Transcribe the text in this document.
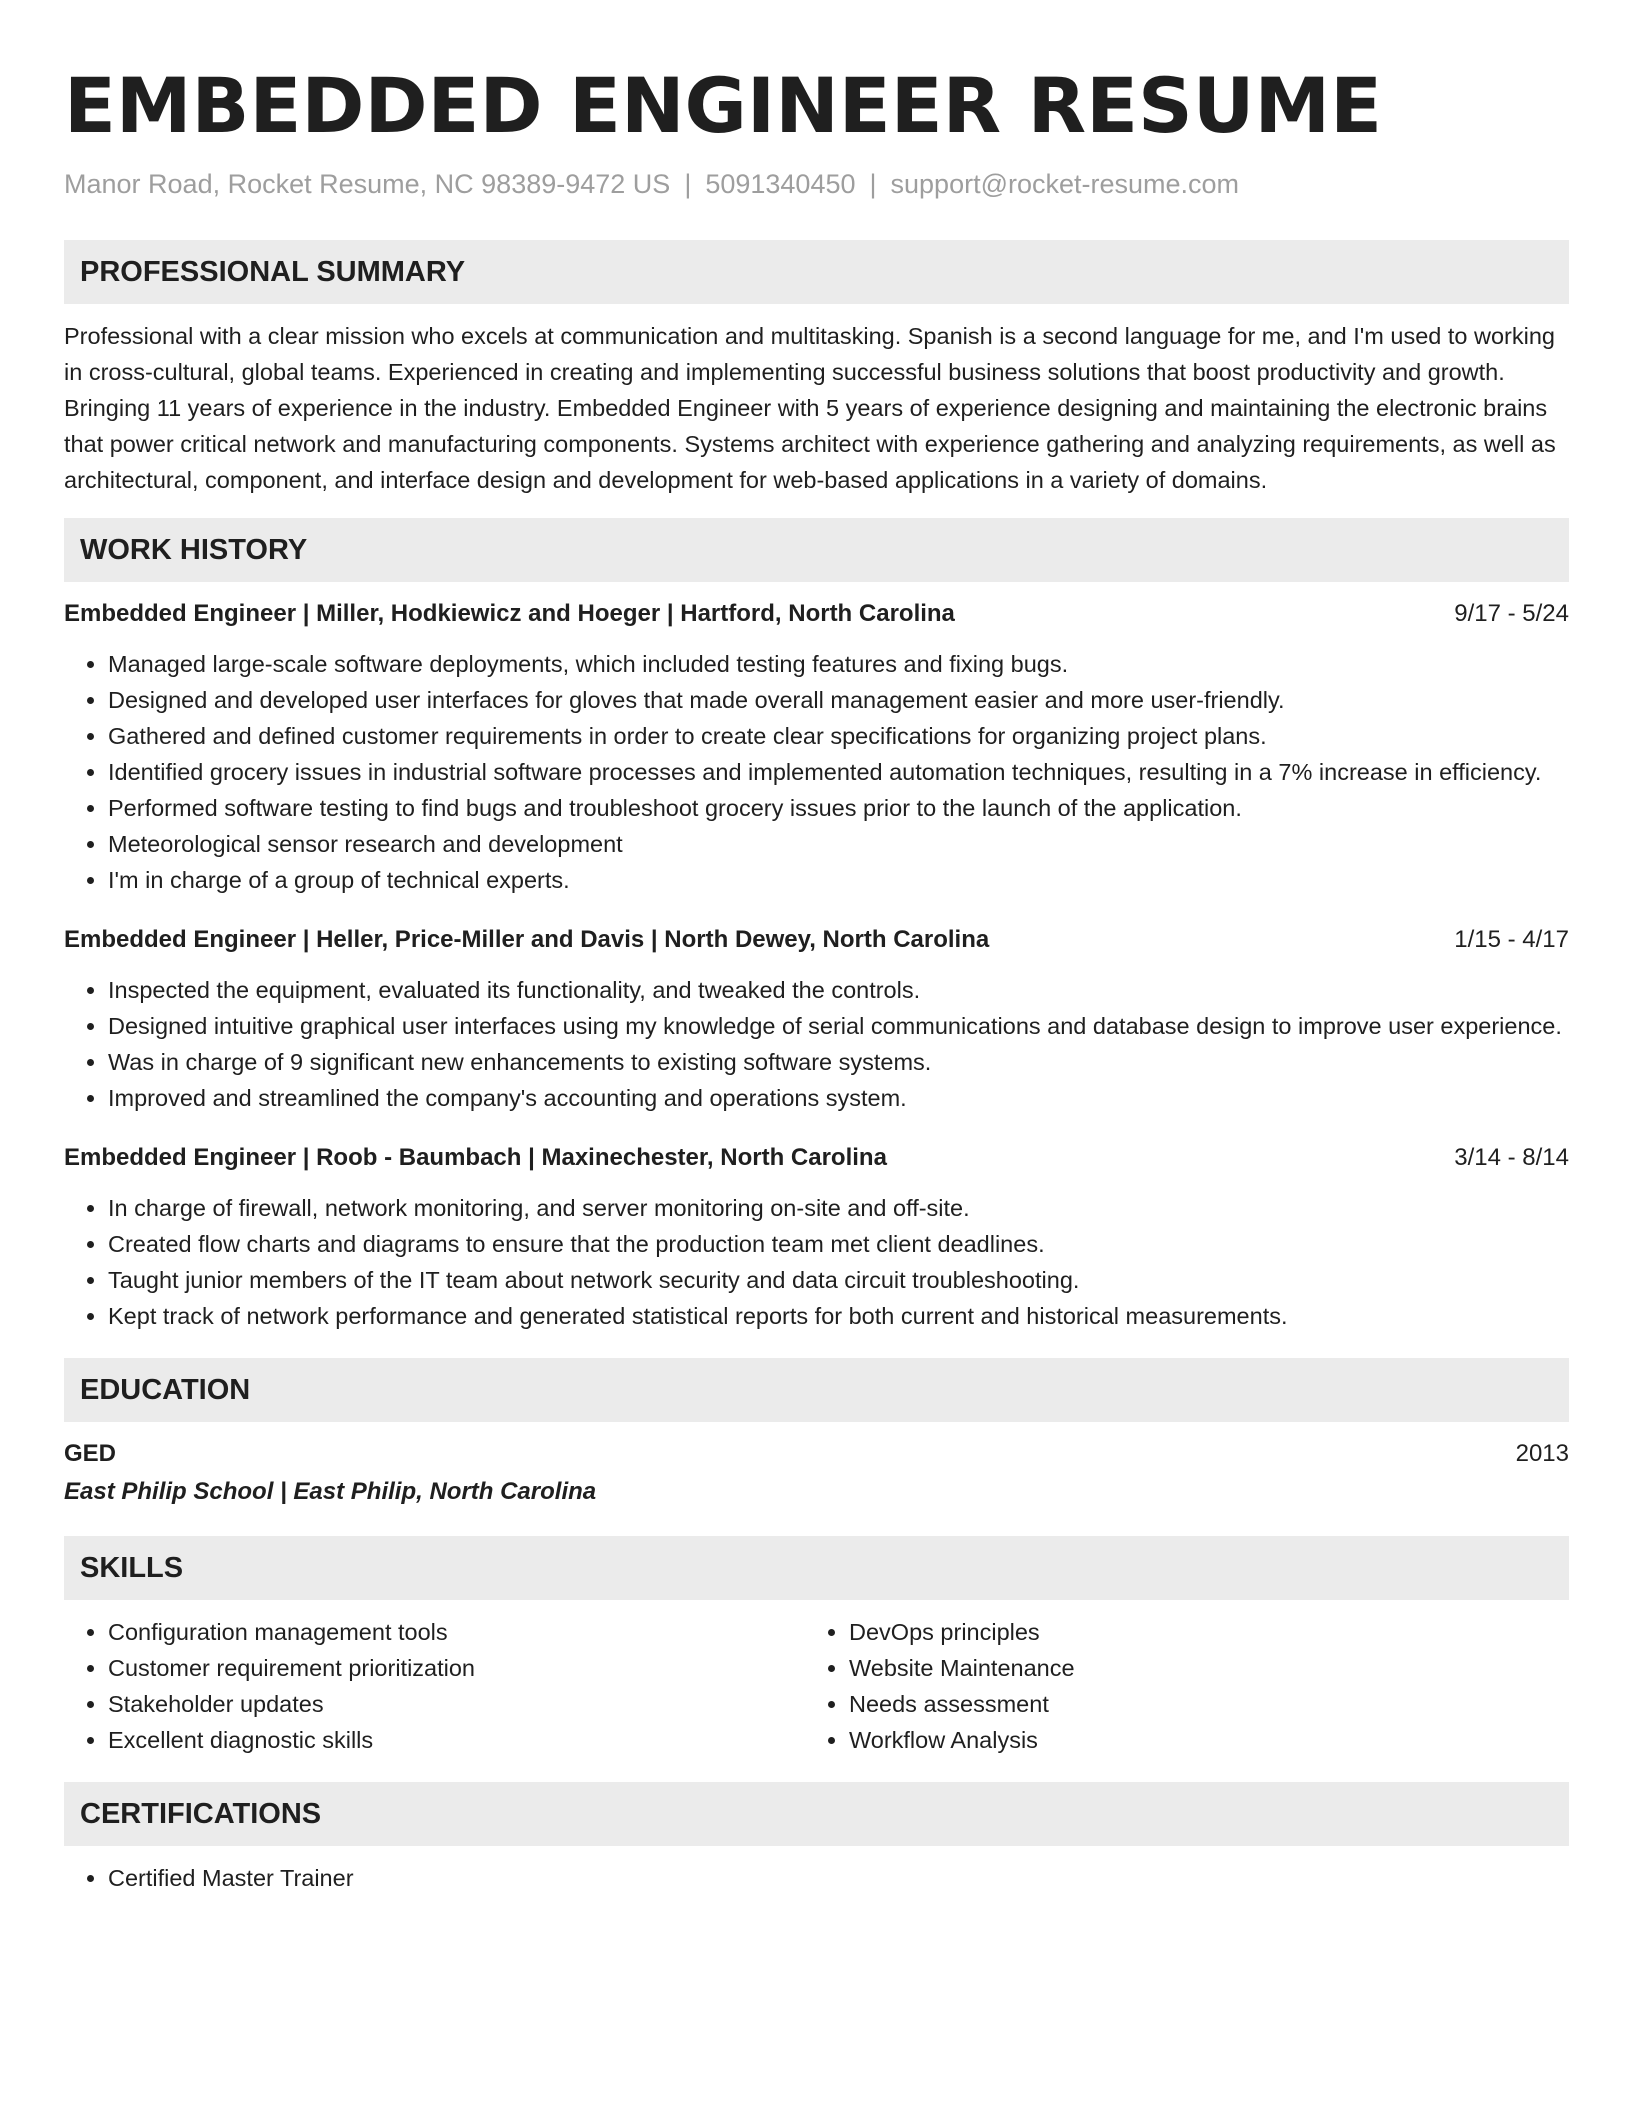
EMBEDDED ENGINEER RESUME
Manor Road, Rocket Resume, NC 98389-9472 US | 5091340450 | support@rocket-resume.com
PROFESSIONAL SUMMARY

Professional with a clear mission who excels at communication and multitasking. Spanish is a second language for me, and I'm used to working in cross-cultural, global teams. Experienced in creating and implementing successful business solutions that boost productivity and growth. Bringing 11 years of experience in the industry. Embedded Engineer with 5 years of experience designing and maintaining the electronic brains that power critical network and manufacturing components. Systems architect with experience gathering and analyzing requirements, as well as architectural, component, and interface design and development for web-based applications in a variety of domains.

WORK HISTORY
Embedded Engineer | Miller, Hodkiewicz and Hoeger | Hartford, North Carolina	9/17 - 5/24
• Managed large-scale software deployments, which included testing features and fixing bugs.
• Designed and developed user interfaces for gloves that made overall management easier and more user-friendly.
• Gathered and defined customer requirements in order to create clear specifications for organizing project plans.
• Identified grocery issues in industrial software processes and implemented automation techniques, resulting in a 7% increase in efficiency.
• Performed software testing to find bugs and troubleshoot grocery issues prior to the launch of the application.
• Meteorological sensor research and development
• I'm in charge of a group of technical experts.
Embedded Engineer | Heller, Price-Miller and Davis | North Dewey, North Carolina	1/15 - 4/17
• Inspected the equipment, evaluated its functionality, and tweaked the controls.
• Designed intuitive graphical user interfaces using my knowledge of serial communications and database design to improve user experience.
• Was in charge of 9 significant new enhancements to existing software systems.
• Improved and streamlined the company's accounting and operations system.
Embedded Engineer | Roob - Baumbach | Maxinechester, North Carolina	3/14 - 8/14
• In charge of firewall, network monitoring, and server monitoring on-site and off-site.
• Created flow charts and diagrams to ensure that the production team met client deadlines.
• Taught junior members of the IT team about network security and data circuit troubleshooting.
• Kept track of network performance and generated statistical reports for both current and historical measurements.
EDUCATION
GED	2013
East Philip School | East Philip, North Carolina
SKILLS
• Configuration management tools
• Customer requirement prioritization
• Stakeholder updates
• Excellent diagnostic skills
• DevOps principles
• Website Maintenance
• Needs assessment
• Workflow Analysis
CERTIFICATIONS
• Certified Master Trainer
